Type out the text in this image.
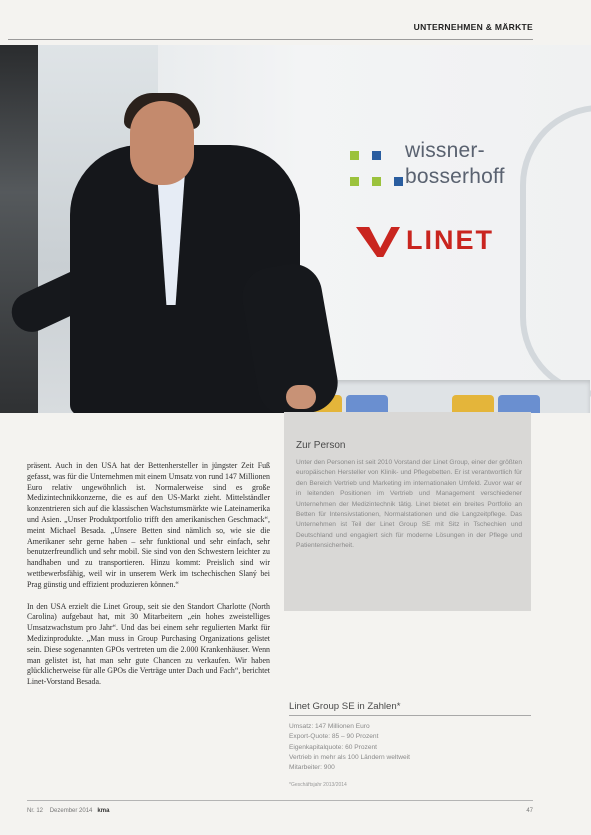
UNTERNEHMEN & MÄRKTE
wissner-
bosserhoff
LINET
Zur Person
Unter den Personen ist seit 2010 Vorstand der Linet Group, einer der größten europäischen Hersteller von Klinik- und Pflegebetten. Er ist verantwortlich für den Bereich Vertrieb und Marketing im internationalen Umfeld. Zuvor war er in leitenden Positionen im Vertrieb und Management verschiedener Unternehmen der Medizintechnik tätig. Linet bietet ein breites Portfolio an Betten für Intensivstationen, Normalstationen und die Langzeitpflege. Das Unternehmen ist Teil der Linet Group SE mit Sitz in Tschechien und Deutschland und engagiert sich für moderne Lösungen in der Pflege und Patientensicherheit.

präsent. Auch in den USA hat der Bettenhersteller in jüngster Zeit Fuß gefasst, was für die Unternehmen mit einem Umsatz von rund 147 Millionen Euro relativ ungewöhnlich ist. Normalerweise sind es große Medizintechnikkonzerne, die es auf den US-Markt zieht. Mittelständler konzentrieren sich auf die klassischen Wachstumsmärkte wie Lateinamerika und Asien. „Unser Produktportfolio trifft den amerikanischen Geschmack“, meint Michael Besada. „Unsere Betten sind nämlich so, wie sie die Amerikaner sehr gerne haben – sehr funktional und sehr einfach, sehr benutzerfreundlich und sehr mobil. Sie sind von den Schwestern leichter zu handhaben und zu transportieren. Hinzu kommt: Preislich sind wir wettbewerbsfähig, weil wir in unserem Werk im tschechischen Slaný bei Prag günstig und effizient produzieren können.“

In den USA erzielt die Linet Group, seit sie den Standort Charlotte (North Carolina) aufgebaut hat, mit 30 Mitarbeitern „ein hohes zweistelliges Umsatzwachstum pro Jahr“. Und das bei einem sehr regulierten Markt für Medizinprodukte. „Man muss in Group Purchasing Organizations gelistet sein. Diese sogenannten GPOs vertreten um die 2.000 Krankenhäuser. Wenn man gelistet ist, hat man sehr gute Chancen zu verkaufen. Wir haben glücklicherweise für alle GPOs die Verträge unter Dach und Fach“, berichtet Linet-Vorstand Besada.

Linet Group SE in Zahlen*
Umsatz: 147 Millionen Euro
Export-Quote: 85 – 90 Prozent
Eigenkapitalquote: 60 Prozent
Vertrieb in mehr als 100 Ländern weltweit
Mitarbeiter: 900
*Geschäftsjahr 2013/2014
Nr. 12 Dezember 2014 kma	47
